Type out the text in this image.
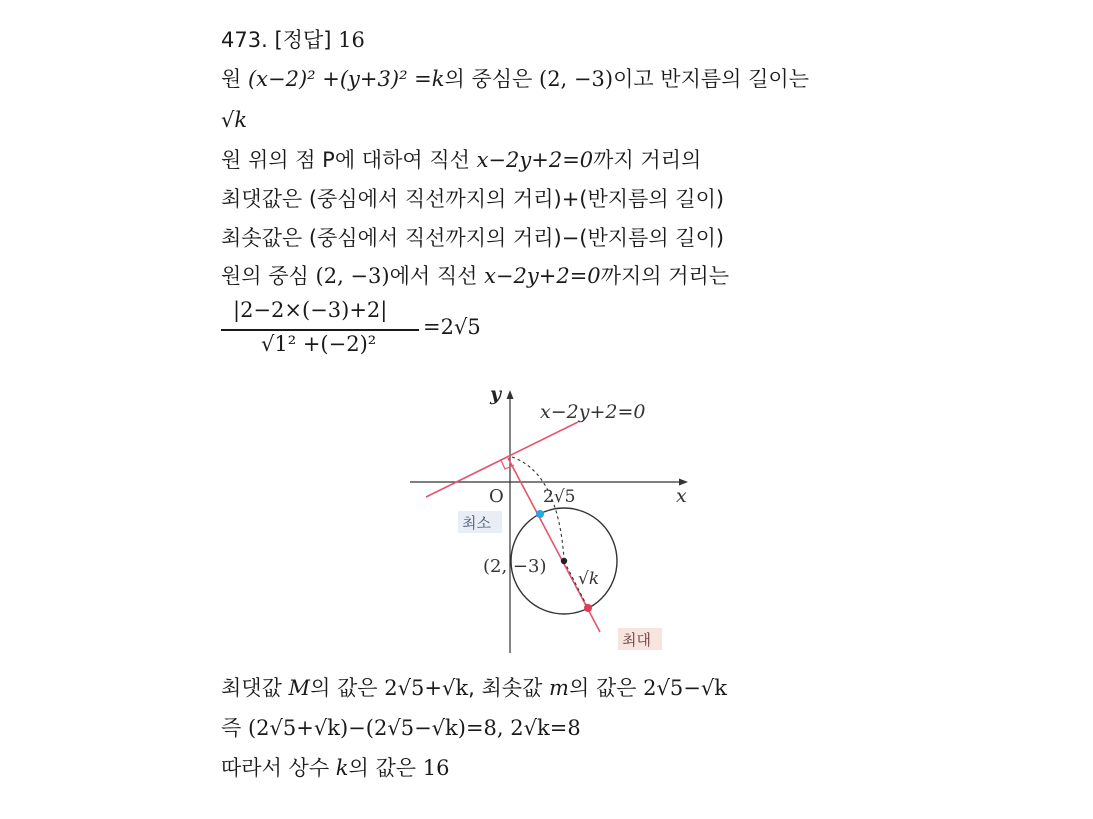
473. [정답] 16
원 (x−2)² +(y+3)² =k의 중심은 (2, −3)이고 반지름의 길이는
√k
원 위의 점 P에 대하여 직선 x−2y+2=0까지 거리의
최댓값은 (중심에서 직선까지의 거리)+(반지름의 길이)
최솟값은 (중심에서 직선까지의 거리)−(반지름의 길이)
원의 중심 (2, −3)에서 직선 x−2y+2=0까지의 거리는
|2−2×(−3)+2|
√1² +(−2)²
=2√5
y
x
O 2√5
x−2y+2=0
(2, −3)
√k
최소
최대
최댓값 M의 값은 2√5+√k, 최솟값 m의 값은 2√5−√k
즉 (2√5+√k)−(2√5−√k)=8, 2√k=8
따라서 상수 k의 값은 16
